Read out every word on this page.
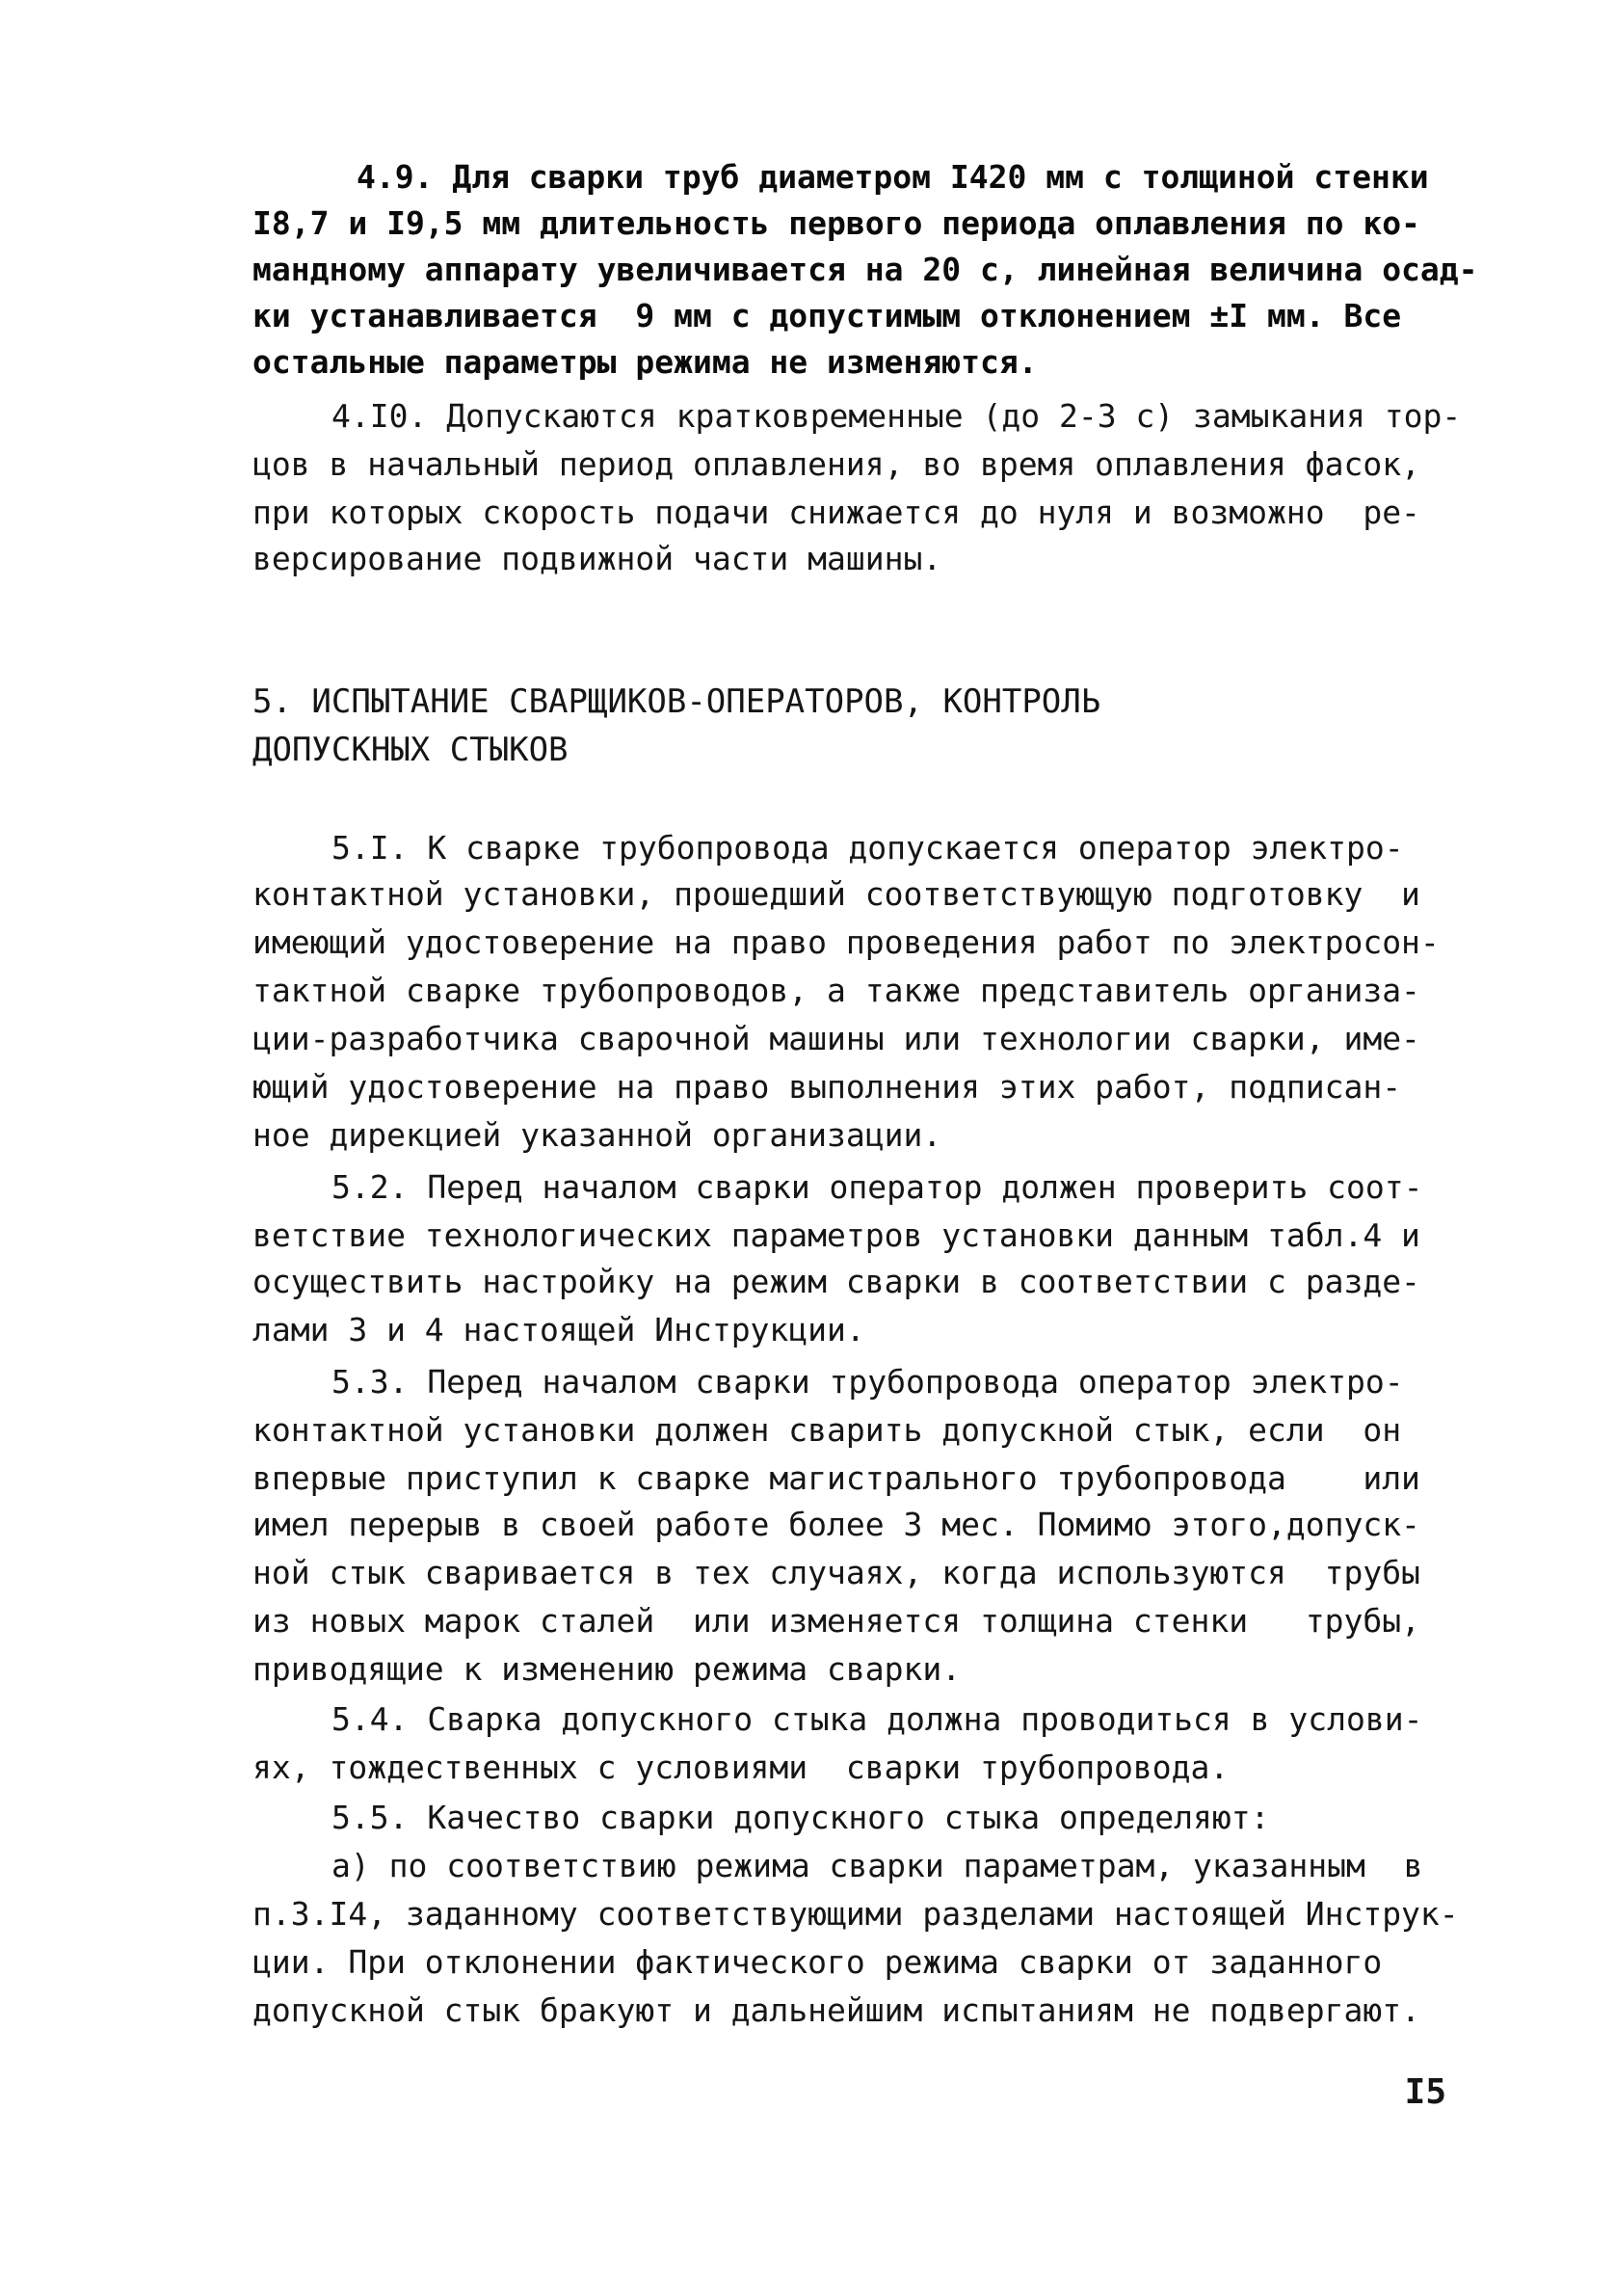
4.9. Для сварки труб диаметром I420 мм с толщиной стенки
I8,7 и I9,5 мм длительность первого периода оплавления по ко-
мандному аппарату увеличивается на 20 с, линейная величина осад-
ки устанавливается  9 мм с допустимым отклонением ±I мм. Все
остальные параметры режима не изменяются.
4.I0. Допускаются кратковременные (до 2-3 с) замыкания тор-
цов в начальный период оплавления, во время оплавления фасок,
при которых скорость подачи снижается до нуля и возможно  ре-
версирование подвижной части машины.
5. ИСПЫТАНИЕ СВАРЩИКОВ-ОПЕРАТОРОВ, КОНТРОЛЬ
ДОПУСКНЫХ СТЫКОВ
5.I. К сварке трубопровода допускается оператор электро-
контактной установки, прошедший соответствующую подготовку  и
имеющий удостоверение на право проведения работ по электроcон-
тактной сварке трубопроводов, а также представитель организа-
ции-разработчика сварочной машины или технологии сварки, име-
ющий удостоверение на право выполнения этих работ, подписан-
ное дирекцией указанной организации.
5.2. Перед началом сварки оператор должен проверить соот-
ветствие технологических параметров установки данным табл.4 и
осуществить настройку на режим сварки в соответствии с разде-
лами 3 и 4 настоящей Инструкции.
5.3. Перед началом сварки трубопровода оператор электро-
контактной установки должен сварить допускной стык, если  он
впервые приступил к сварке магистрального трубопровода    или
имел перерыв в своей работе более 3 мес. Помимо этого,допуск-
ной стык сваривается в тех случаях, когда используются  трубы
из новых марок сталей  или изменяется толщина стенки   трубы,
приводящие к изменению режима сварки.
5.4. Сварка допускного стыка должна проводиться в услови-
ях, тождественных с условиями  сварки трубопровода.
5.5. Качество сварки допускного стыка определяют:
а) по соответствию режима сварки параметрам, указанным  в
п.3.I4, заданному соответствующими разделами настоящей Инструк-
ции. При отклонении фактического режима сварки от заданного
допускной стык бракуют и дальнейшим испытаниям не подвергают.
I5
